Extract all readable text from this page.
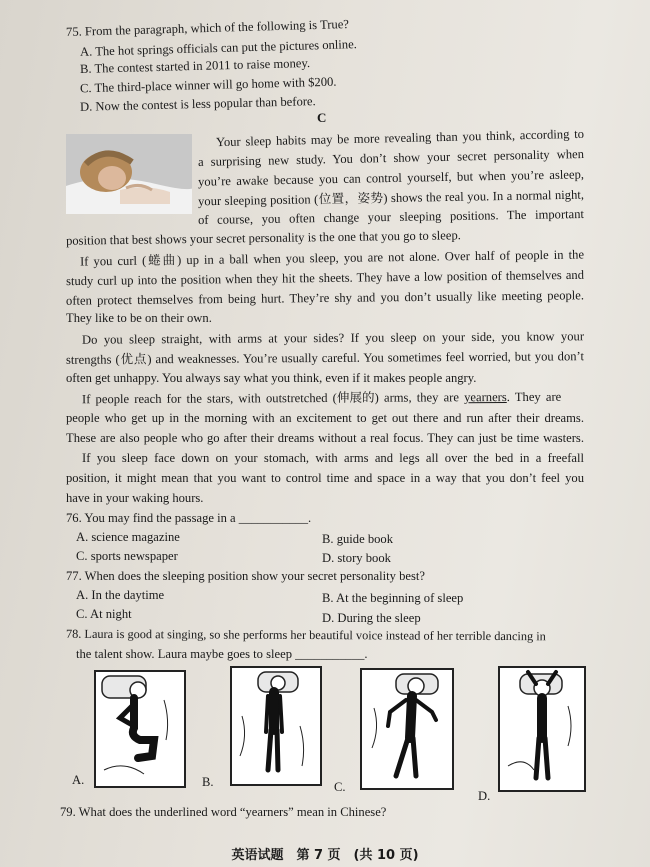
75. From the paragraph, which of the following is True?
A. The hot springs officials can put the pictures online.
B. The contest started in 2011 to raise money.
C. The third-place winner will go home with $200.
D. Now the contest is less popular than before.
C
Your sleep habits may be more revealing than you think, according to
a surprising new study. You don’t show your secret personality when
you’re awake because you can control yourself, but when you’re asleep,
your sleeping position (位置，姿势) shows the real you. In a normal night,
of course, you often change your sleeping positions. The important
position that best shows your secret personality is the one that you go to sleep.
If you curl (蜷曲) up in a ball when you sleep, you are not alone. Over half of people in the
study curl up into the position when they hit the sheets. They have a low position of themselves and
often protect themselves from being hurt. They’re shy and you don’t usually like meeting people.
They like to be on their own.
Do you sleep straight, with arms at your sides? If you sleep on your side, you know your
strengths (优点) and weaknesses. You’re usually careful. You sometimes feel worried, but you don’t
often get unhappy. You always say what you think, even if it makes people angry.
If people reach for the stars, with outstretched (伸展的) arms, they are yearners. They are
people who get up in the morning with an excitement to get out there and run after their dreams.
These are also people who go after their dreams without a real focus. They can just be time wasters.
If you sleep face down on your stomach, with arms and legs all over the bed in a freefall
position, it might mean that you want to control time and space in a way that you don’t feel you
have in your waking hours.
76. You may find the passage in a ___________.
A. science magazine	B. guide book
C. sports newspaper	D. story book
77. When does the sleeping position show your secret personality best?
A. In the daytime	B. At the beginning of sleep
C. At night	D. During the sleep
78. Laura is good at singing, so she performs her beautiful voice instead of her terrible dancing in
the talent show. Laura maybe goes to sleep ___________.
A.	B.	C.
D.
79. What does the underlined word “yearners” mean in Chinese?
英语试题　第 7 页　(共 10 页)
